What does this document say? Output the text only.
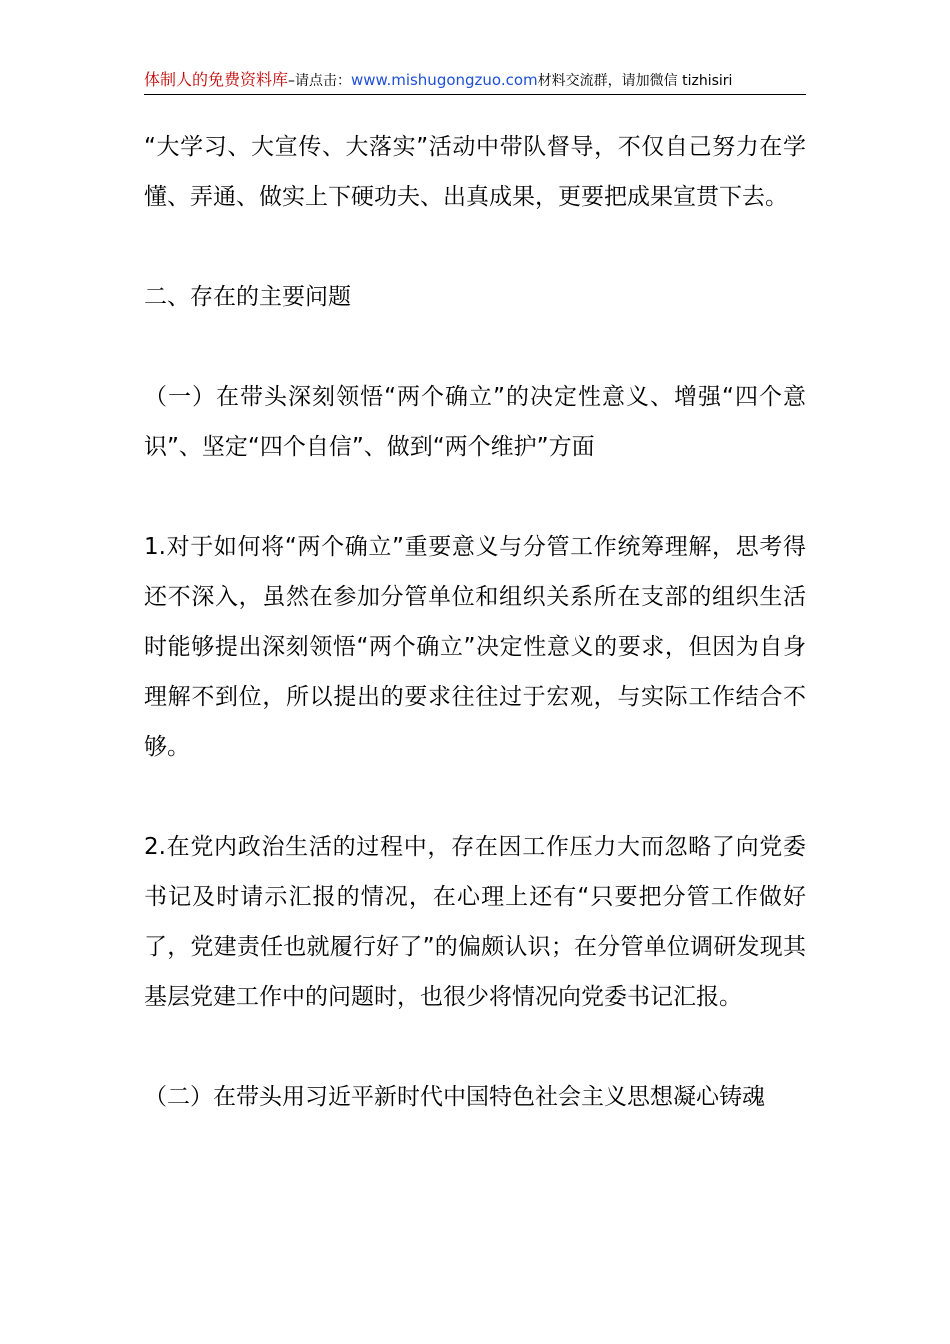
体制人的免费资料库–请点击：www.mishugongzuo.com材料交流群，请加微信 tizhisiri

“大学习、大宣传、大落实”活动中带队督导，不仅自己努力在学懂、弄通、做实上下硬功夫、出真成果，更要把成果宣贯下去。

二、存在的主要问题

（一）在带头深刻领悟“两个确立”的决定性意义、增强“四个意识”、坚定“四个自信”、做到“两个维护”方面

1.对于如何将“两个确立”重要意义与分管工作统筹理解，思考得还不深入，虽然在参加分管单位和组织关系所在支部的组织生活时能够提出深刻领悟“两个确立”决定性意义的要求，但因为自身理解不到位，所以提出的要求往往过于宏观，与实际工作结合不够。

2.在党内政治生活的过程中，存在因工作压力大而忽略了向党委书记及时请示汇报的情况，在心理上还有“只要把分管工作做好了，党建责任也就履行好了”的偏颇认识；在分管单位调研发现其基层党建工作中的问题时，也很少将情况向党委书记汇报。

（二）在带头用习近平新时代中国特色社会主义思想凝心铸魂
